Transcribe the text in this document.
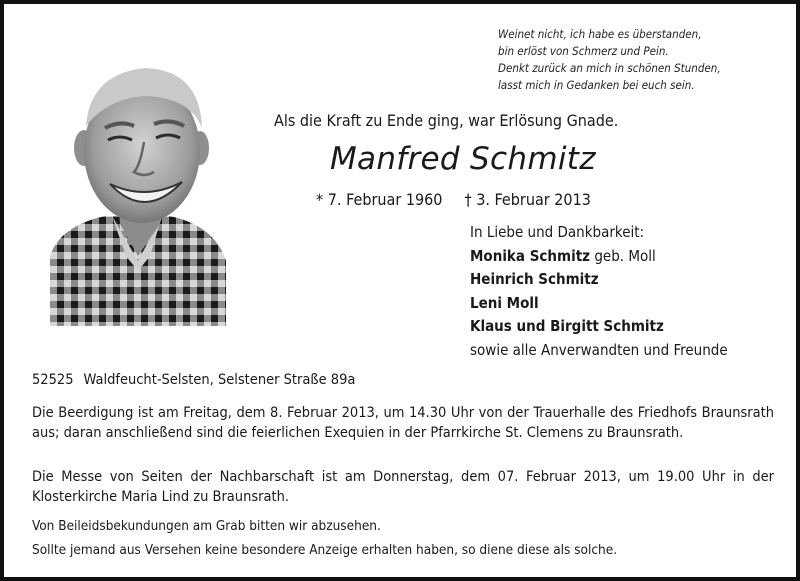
Weinet nicht, ich habe es überstanden,
bin erlöst von Schmerz und Pein.
Denkt zurück an mich in schönen Stunden,
lasst mich in Gedanken bei euch sein.
Als die Kraft zu Ende ging, war Erlösung Gnade.
Manfred Schmitz
* 7. Februar 1960 † 3. Februar 2013
In Liebe und Dankbarkeit:
Monika Schmitz geb. Moll
Heinrich Schmitz
Leni Moll
Klaus und Birgitt Schmitz
sowie alle Anverwandten und Freunde
52525 Waldfeucht-Selsten, Selstener Straße 89a
Die Beerdigung ist am Freitag, dem 8. Februar 2013, um 14.30 Uhr von der Trauerhalle des Friedhofs Braunsrath aus; daran anschließend sind die feierlichen Exequien in der Pfarrkirche St. Clemens zu Braunsrath.
Die Messe von Seiten der Nachbarschaft ist am Donnerstag, dem 07. Februar 2013, um 19.00 Uhr in der Klosterkirche Maria Lind zu Braunsrath.
Von Beileidsbekundungen am Grab bitten wir abzusehen.
Sollte jemand aus Versehen keine besondere Anzeige erhalten haben, so diene diese als solche.
